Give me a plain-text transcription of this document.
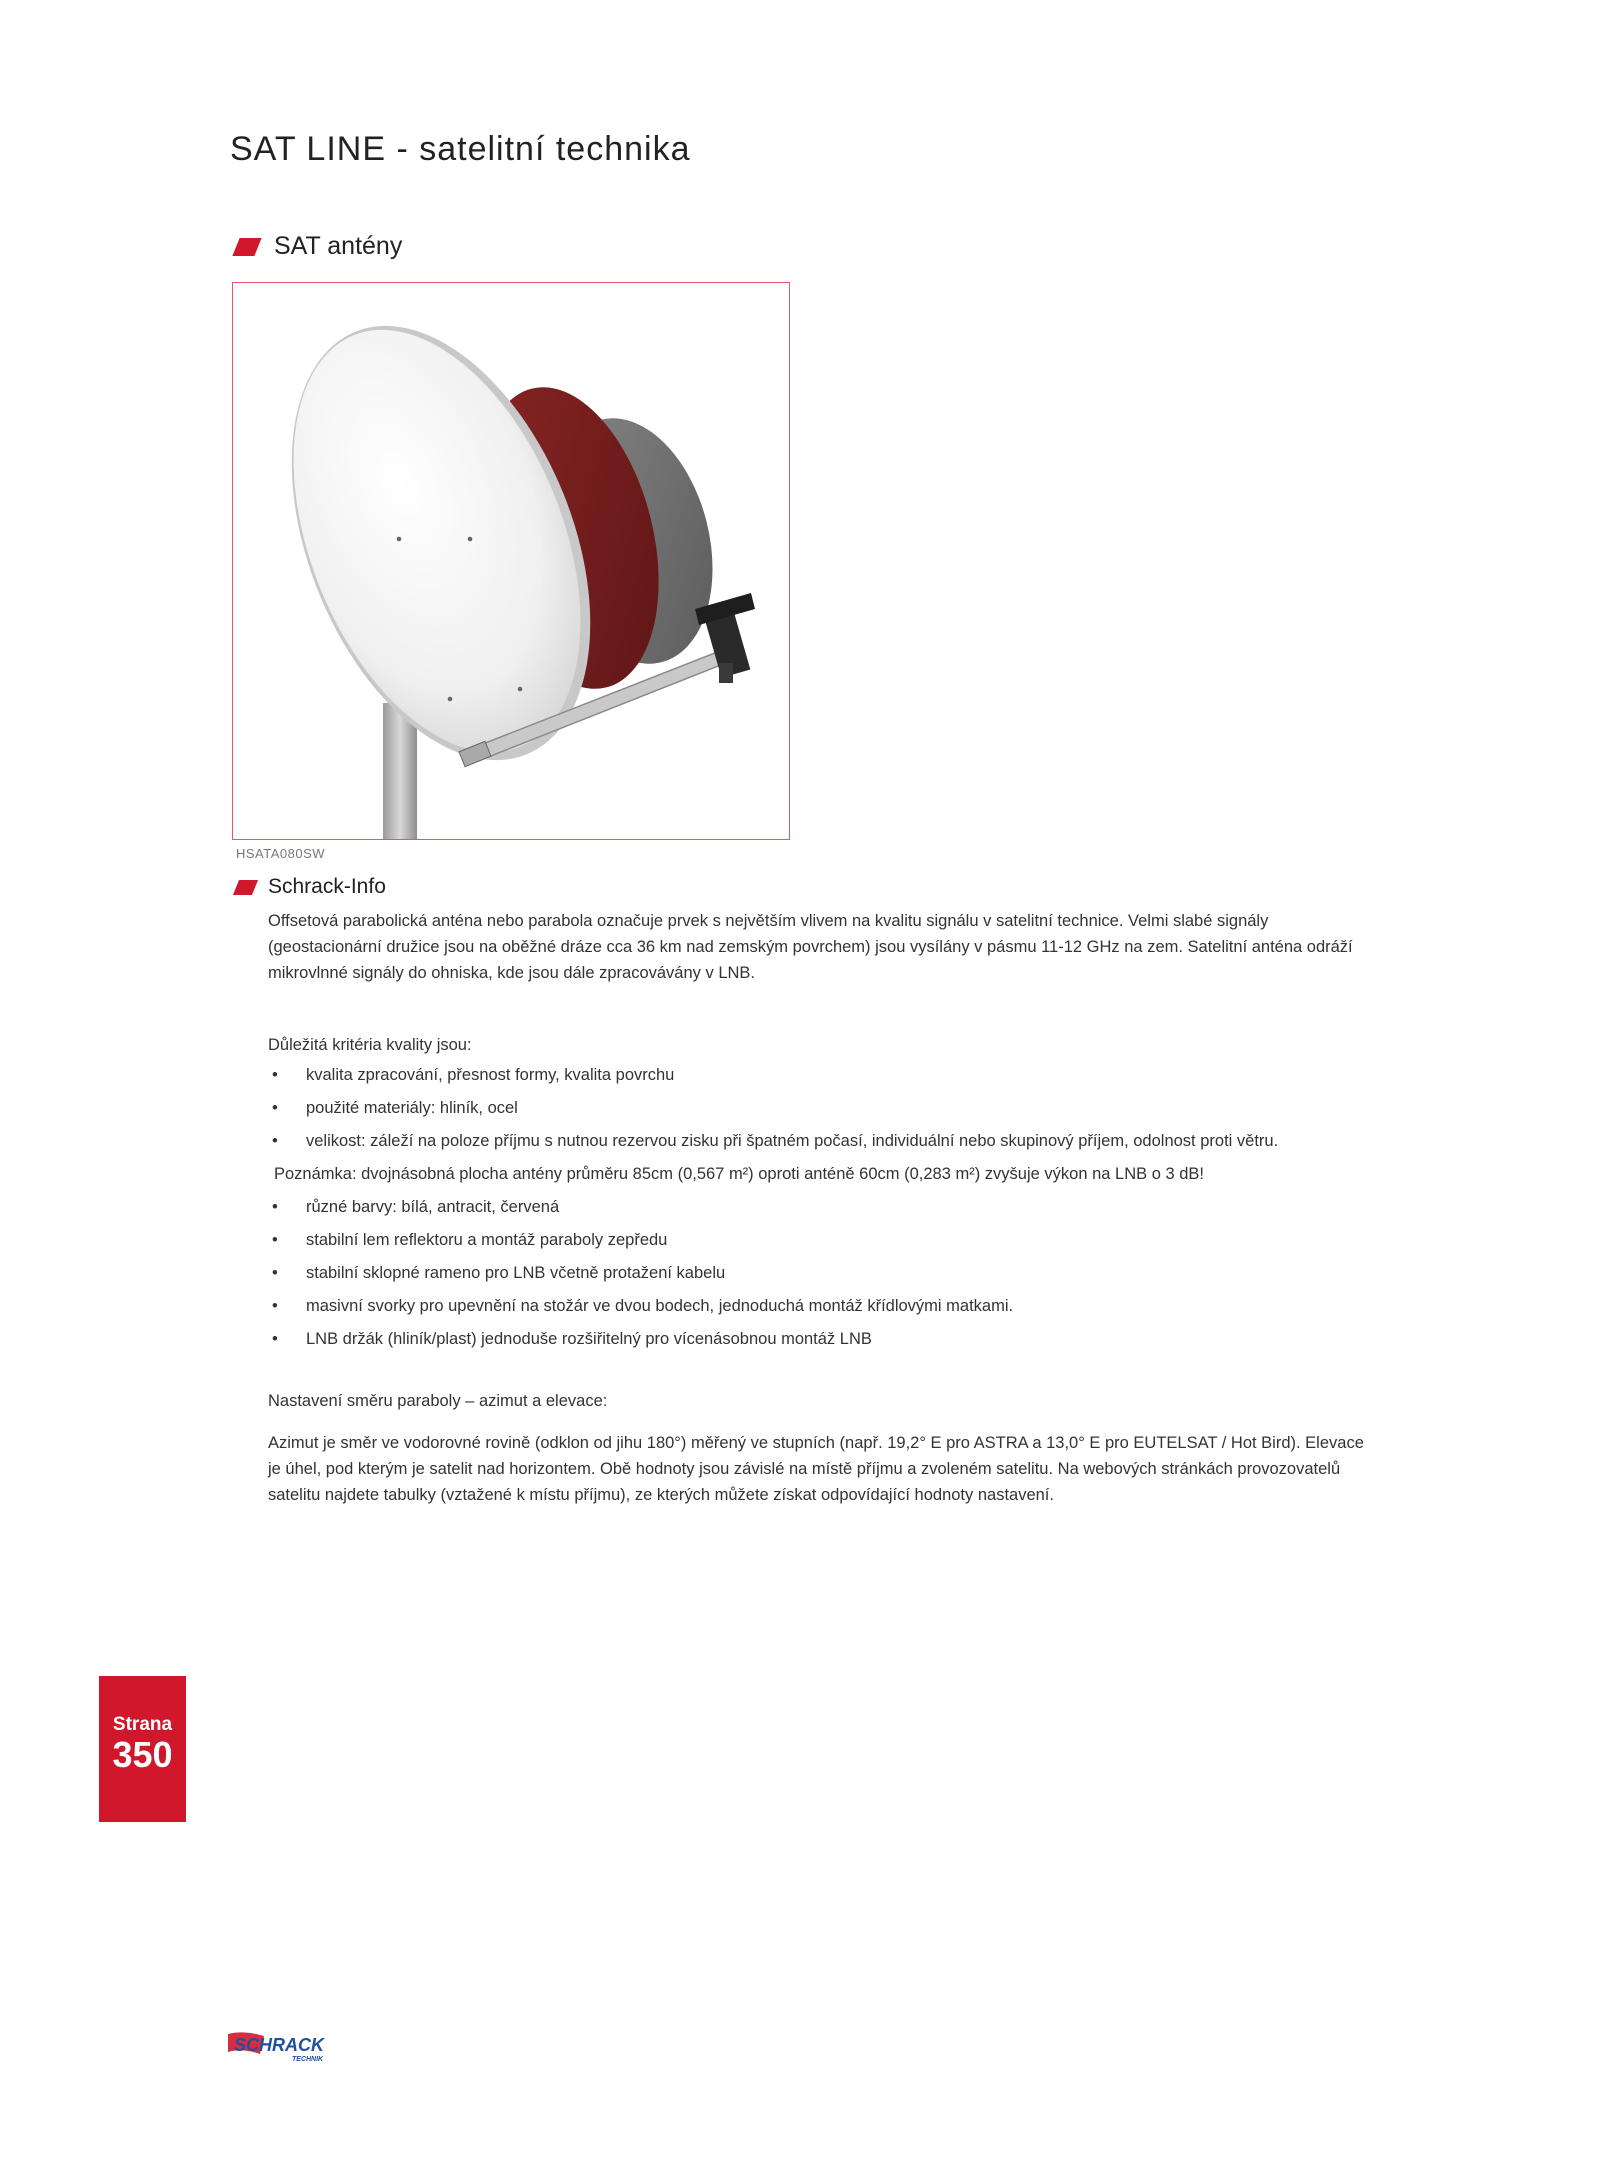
SAT LINE - satelitní technika
SAT antény
HSATA080SW
Schrack-Info
Offsetová parabolická anténa nebo parabola označuje prvek s největším vlivem na kvalitu signálu v satelitní technice. Velmi slabé signály (geostacionární družice jsou na oběžné dráze cca 36 km nad zemským povrchem) jsou vysílány v pásmu 11-12 GHz na zem. Satelitní anténa odráží mikrovlnné signály do ohniska, kde jsou dále zpracovávány v LNB.
Důležitá kritéria kvality jsou:
• kvalita zpracování, přesnost formy, kvalita povrchu
• použité materiály: hliník, ocel
• velikost: záleží na poloze příjmu s nutnou rezervou zisku při špatném počasí, individuální nebo skupinový příjem, odolnost proti větru.
Poznámka: dvojnásobná plocha antény průměru 85cm (0,567 m²) oproti anténě 60cm (0,283 m²) zvyšuje výkon na LNB o 3 dB!
• různé barvy: bílá, antracit, červená
• stabilní lem reflektoru a montáž paraboly zepředu
• stabilní sklopné rameno pro LNB včetně protažení kabelu
• masivní svorky pro upevnění na stožár ve dvou bodech, jednoduchá montáž křídlovými matkami.
• LNB držák (hliník/plast) jednoduše rozšiřitelný pro vícenásobnou montáž LNB
Nastavení směru paraboly – azimut a elevace:
Azimut je směr ve vodorovné rovině (odklon od jihu 180°) měřený ve stupních (např. 19,2° E pro ASTRA a 13,0° E pro EUTELSAT / Hot Bird). Elevace je úhel, pod kterým je satelit nad horizontem. Obě hodnoty jsou závislé na místě příjmu a zvoleném satelitu. Na webových stránkách provozovatelů satelitu najdete tabulky (vztažené k místu příjmu), ze kterých můžete získat odpovídající hodnoty nastavení.
Strana
350
SCHRACK
TECHNIK
